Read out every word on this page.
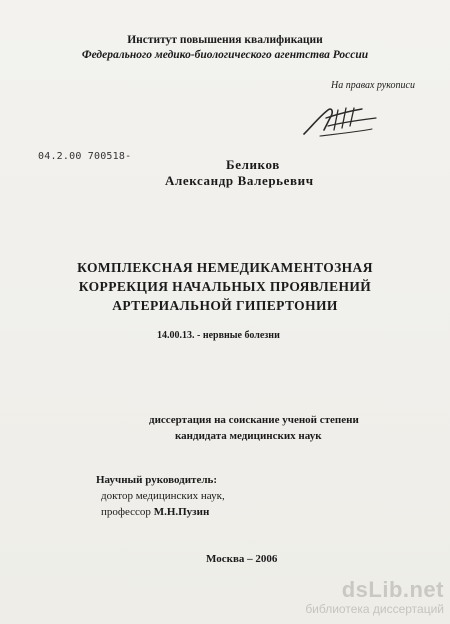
Институт повышения квалификации
Федерального медико-биологического агентства России
На правах рукописи
04.2.00 700518-
Беликов
Александр Валерьевич
КОМПЛЕКСНАЯ НЕМЕДИКАМЕНТОЗНАЯ
КОРРЕКЦИЯ НАЧАЛЬНЫХ ПРОЯВЛЕНИЙ
АРТЕРИАЛЬНОЙ ГИПЕРТОНИИ
14.00.13. - нервные болезни
диссертация на соискание ученой степени
кандидата медицинских наук
Научный руководитель:
доктор медицинских наук,
профессор М.Н.Пузин
Москва – 2006
dsLib.net
библиотека диссертаций
